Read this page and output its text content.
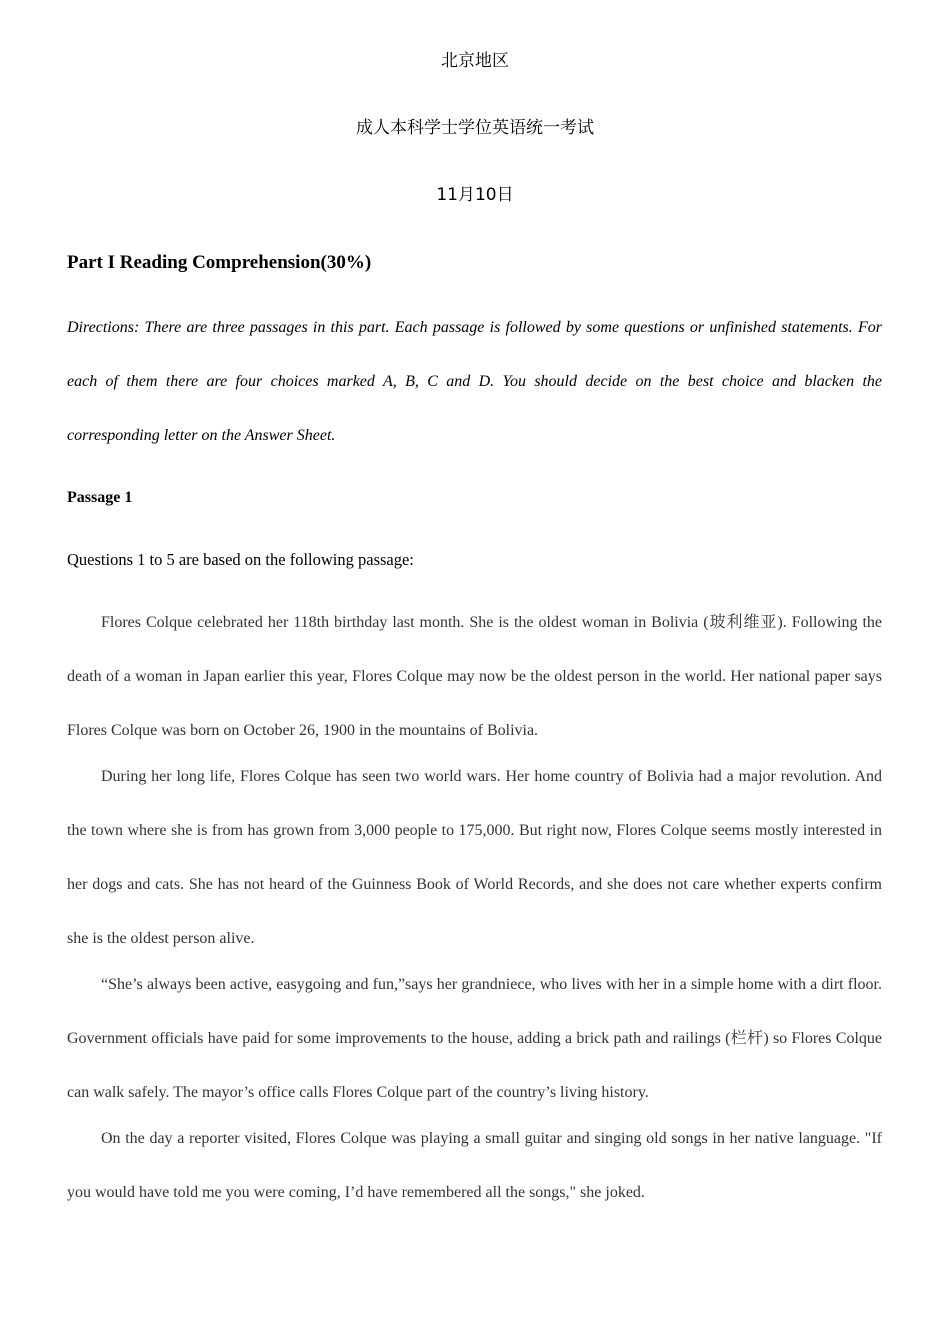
北京地区
成人本科学士学位英语统一考试
11月10日
Part I Reading Comprehension(30%)
Directions: There are three passages in this part. Each passage is followed by some questions or unfinished statements. For each of them there are four choices marked A, B, C and D. You should decide on the best choice and blacken the corresponding letter on the Answer Sheet.
Passage 1
Questions 1 to 5 are based on the following passage:

Flores Colque celebrated her 118th birthday last month. She is the oldest woman in Bolivia (玻利维亚). Following the death of a woman in Japan earlier this year, Flores Colque may now be the oldest person in the world. Her national paper says Flores Colque was born on October 26, 1900 in the mountains of Bolivia.

During her long life, Flores Colque has seen two world wars. Her home country of Bolivia had a major revolution. And the town where she is from has grown from 3,000 people to 175,000. But right now, Flores Colque seems mostly interested in her dogs and cats. She has not heard of the Guinness Book of World Records, and she does not care whether experts confirm she is the oldest person alive.

“She’s always been active, easygoing and fun,”says her grandniece, who lives with her in a simple home with a dirt floor. Government officials have paid for some improvements to the house, adding a brick path and railings (栏杆) so Flores Colque can walk safely. The mayor’s office calls Flores Colque part of the country’s living history.

On the day a reporter visited, Flores Colque was playing a small guitar and singing old songs in her native language. "If you would have told me you were coming, I’d have remembered all the songs," she joked.
